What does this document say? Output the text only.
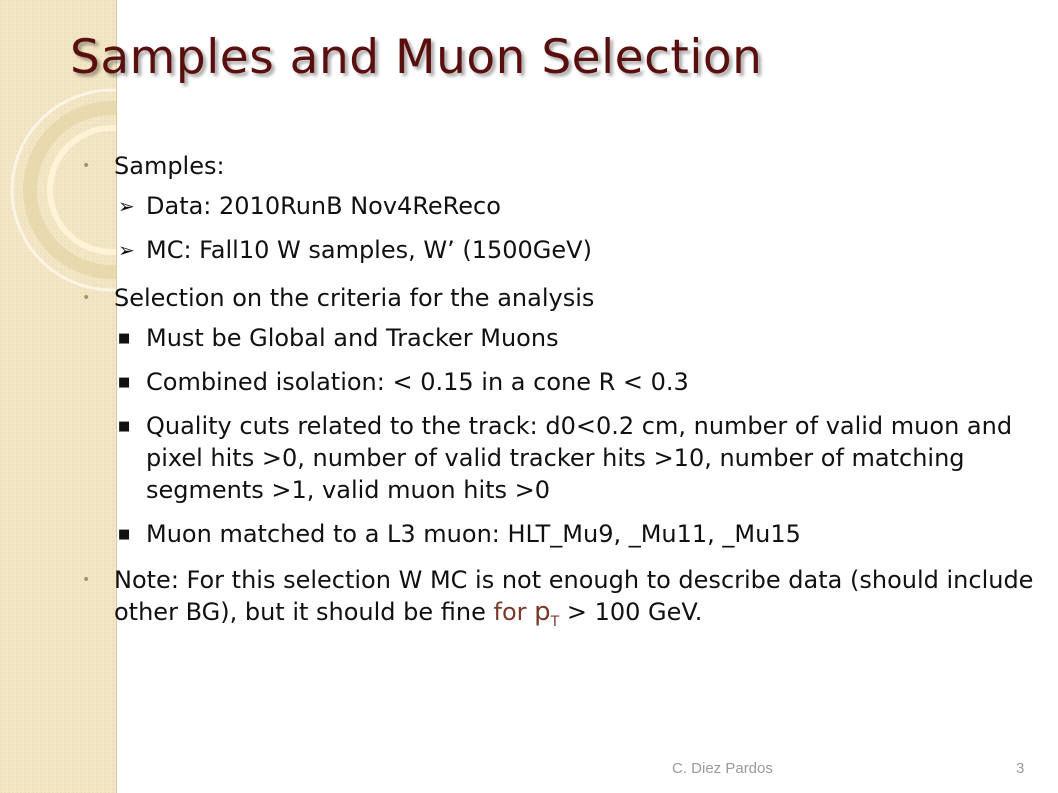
Samples and Muon Selection
• Samples:
➢ Data: 2010RunB Nov4ReReco
➢ MC: Fall10 W samples, W’ (1500GeV)
• Selection on the criteria for the analysis
■ Must be Global and Tracker Muons
■ Combined isolation: < 0.15 in a cone R < 0.3
■ Quality cuts related to the track: d0<0.2 cm, number of valid muon and pixel hits >0, number of valid tracker hits >10, number of matching segments >1, valid muon hits >0
■ Muon matched to a L3 muon: HLT_Mu9, _Mu11, _Mu15
• Note: For this selection W MC is not enough to describe data (should include other BG), but it should be fine for $p_T > 100$ GeV.
C. Diez Pardos	3
